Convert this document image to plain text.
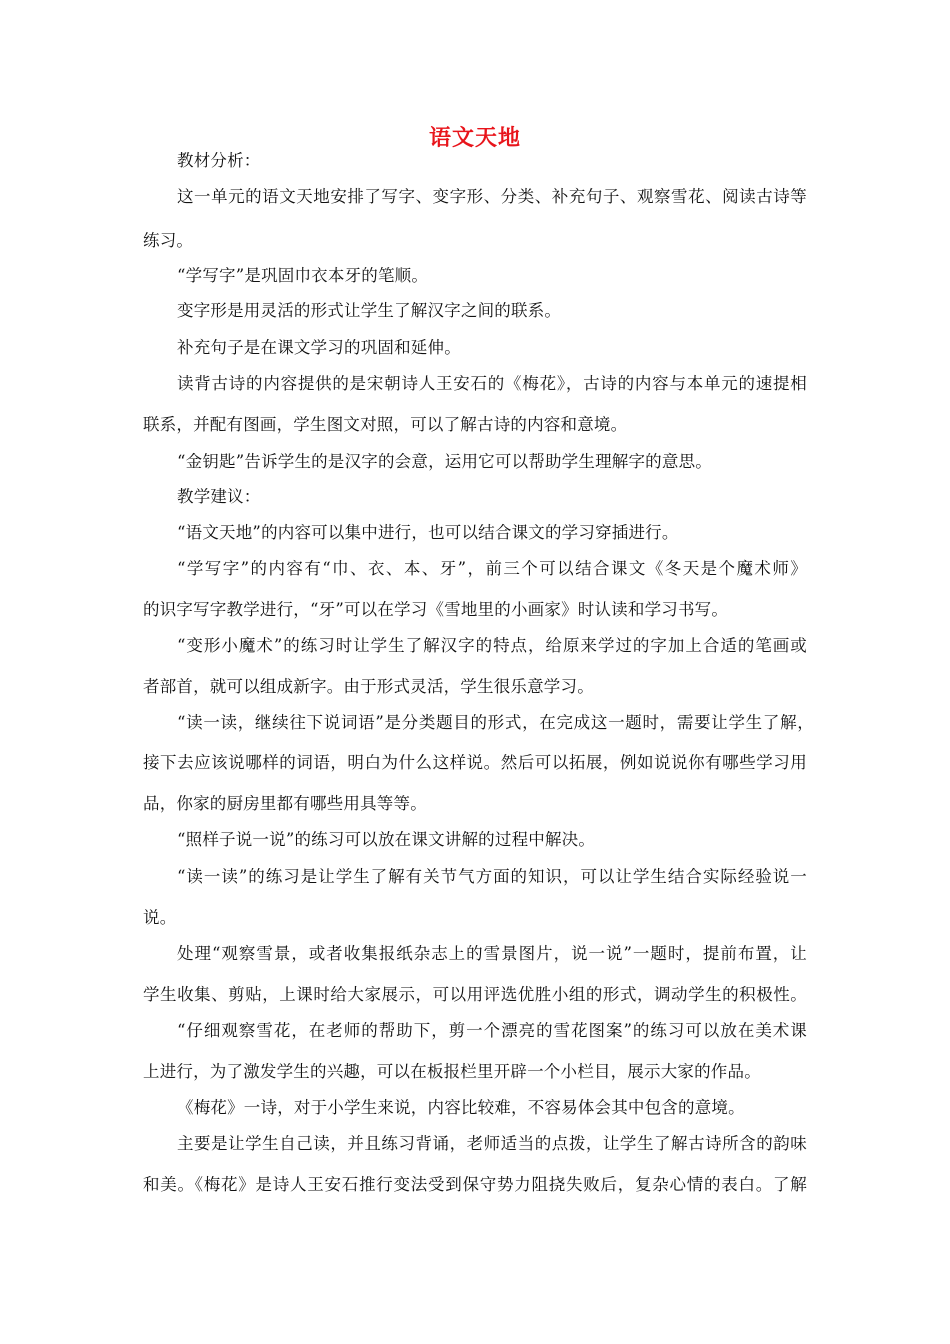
语文天地
教材分析：
这一单元的语文天地安排了写字、变字形、分类、补充句子、观察雪花、阅读古诗等
练习。
“学写字”是巩固巾衣本牙的笔顺。
变字形是用灵活的形式让学生了解汉字之间的联系。
补充句子是在课文学习的巩固和延伸。
读背古诗的内容提供的是宋朝诗人王安石的《梅花》，古诗的内容与本单元的速提相
联系，并配有图画，学生图文对照，可以了解古诗的内容和意境。
“金钥匙”告诉学生的是汉字的会意，运用它可以帮助学生理解字的意思。
教学建议：
“语文天地”的内容可以集中进行，也可以结合课文的学习穿插进行。
“学写字”的内容有“巾、衣、本、牙”，前三个可以结合课文《冬天是个魔术师》
的识字写字教学进行，“牙”可以在学习《雪地里的小画家》时认读和学习书写。
“变形小魔术”的练习时让学生了解汉字的特点，给原来学过的字加上合适的笔画或
者部首，就可以组成新字。由于形式灵活，学生很乐意学习。
“读一读，继续往下说词语”是分类题目的形式，在完成这一题时，需要让学生了解，
接下去应该说哪样的词语，明白为什么这样说。然后可以拓展，例如说说你有哪些学习用
品，你家的厨房里都有哪些用具等等。
“照样子说一说”的练习可以放在课文讲解的过程中解决。
“读一读”的练习是让学生了解有关节气方面的知识，可以让学生结合实际经验说一
说。
处理“观察雪景，或者收集报纸杂志上的雪景图片，说一说”一题时，提前布置，让
学生收集、剪贴，上课时给大家展示，可以用评选优胜小组的形式，调动学生的积极性。
“仔细观察雪花，在老师的帮助下，剪一个漂亮的雪花图案”的练习可以放在美术课
上进行，为了激发学生的兴趣，可以在板报栏里开辟一个小栏目，展示大家的作品。
《梅花》一诗，对于小学生来说，内容比较难，不容易体会其中包含的意境。
主要是让学生自己读，并且练习背诵，老师适当的点拨，让学生了解古诗所含的韵味
和美。《梅花》是诗人王安石推行变法受到保守势力阻挠失败后，复杂心情的表白。了解
